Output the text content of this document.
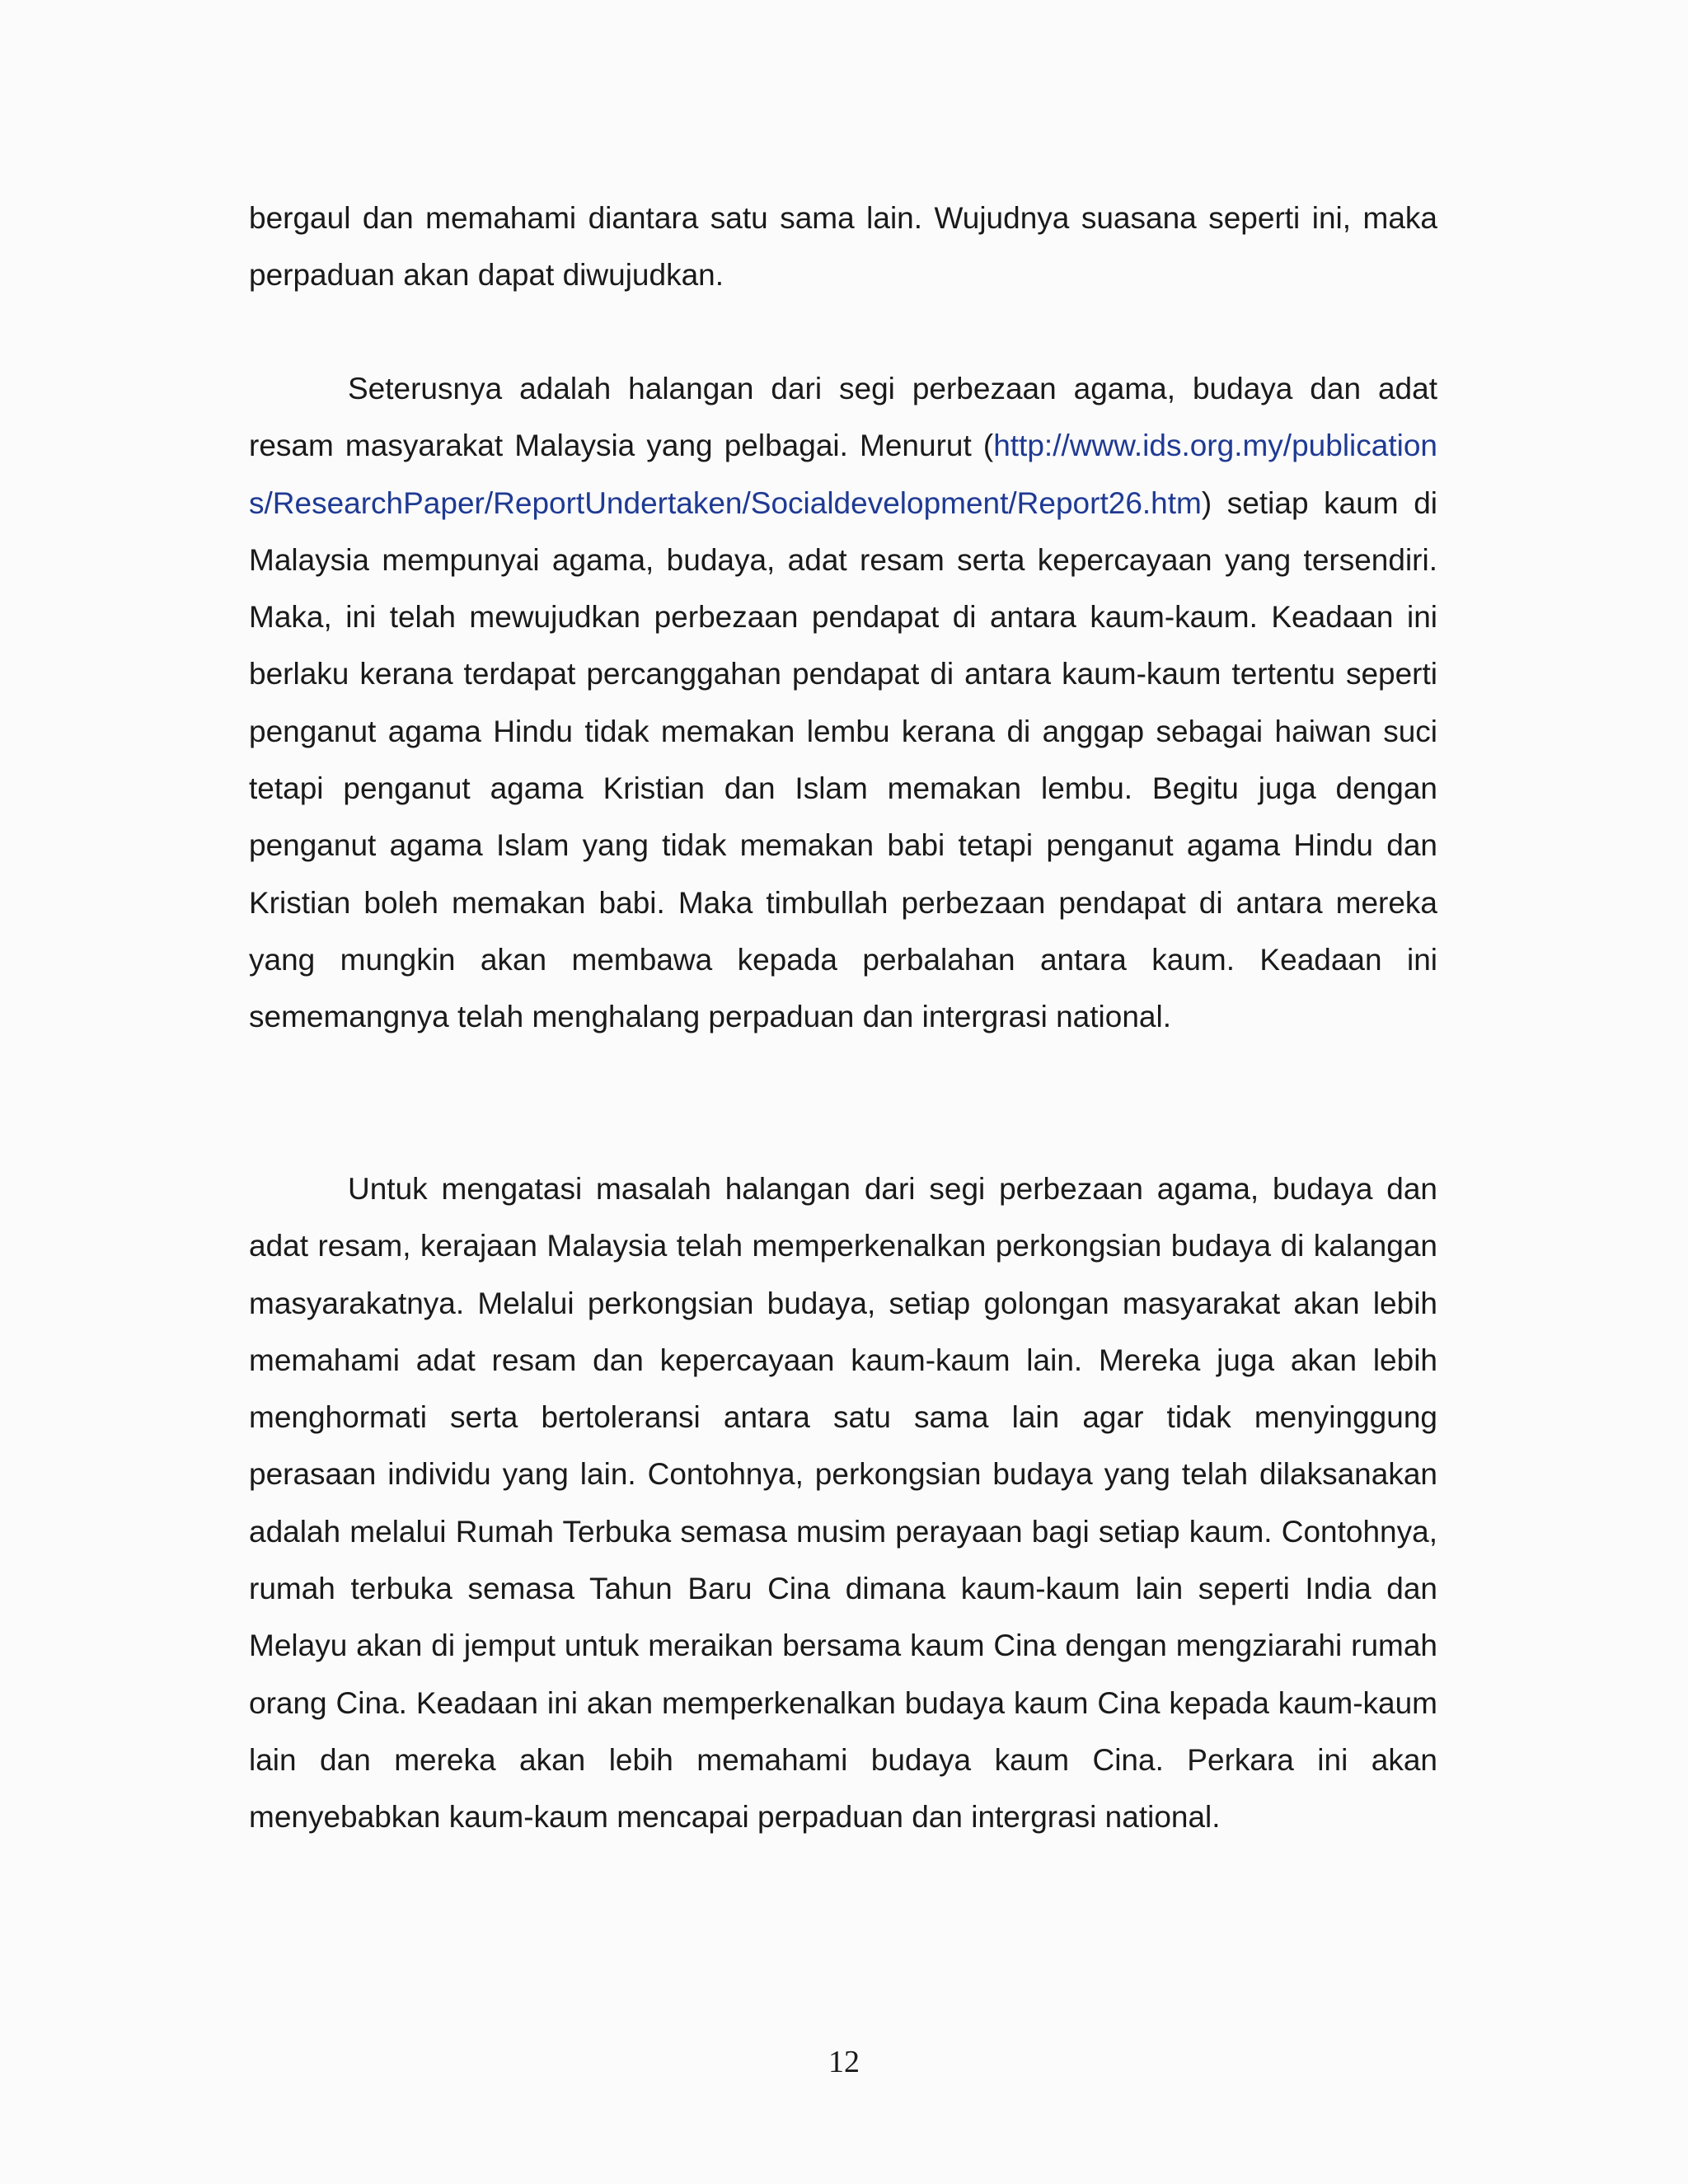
bergaul dan memahami diantara satu sama lain. Wujudnya suasana seperti ini, maka perpaduan akan dapat diwujudkan.

Seterusnya adalah halangan dari segi perbezaan agama, budaya dan adat resam masyarakat Malaysia yang pelbagai. Menurut (http://www.ids.org.my/publications/ResearchPaper/ReportUndertaken/Socialdevelopment/Report26.htm) setiap kaum di Malaysia mempunyai agama, budaya, adat resam serta kepercayaan yang tersendiri. Maka, ini telah mewujudkan perbezaan pendapat di antara kaum-kaum. Keadaan ini berlaku kerana terdapat percanggahan pendapat di antara kaum-kaum tertentu seperti penganut agama Hindu tidak memakan lembu kerana di anggap sebagai haiwan suci tetapi penganut agama Kristian dan Islam memakan lembu. Begitu juga dengan penganut agama Islam yang tidak memakan babi tetapi penganut agama Hindu dan Kristian boleh memakan babi. Maka timbullah perbezaan pendapat di antara mereka yang mungkin akan membawa kepada perbalahan antara kaum. Keadaan ini sememangnya telah menghalang perpaduan dan intergrasi national.

Untuk mengatasi masalah halangan dari segi perbezaan agama, budaya dan adat resam, kerajaan Malaysia telah memperkenalkan perkongsian budaya di kalangan masyarakatnya. Melalui perkongsian budaya, setiap golongan masyarakat akan lebih memahami adat resam dan kepercayaan kaum-kaum lain. Mereka juga akan lebih menghormati serta bertoleransi antara satu sama lain agar tidak menyinggung perasaan individu yang lain. Contohnya, perkongsian budaya yang telah dilaksanakan adalah melalui Rumah Terbuka semasa musim perayaan bagi setiap kaum. Contohnya, rumah terbuka semasa Tahun Baru Cina dimana kaum-kaum lain seperti India dan Melayu akan di jemput untuk meraikan bersama kaum Cina dengan mengziarahi rumah orang Cina. Keadaan ini akan memperkenalkan budaya kaum Cina kepada kaum-kaum lain dan mereka akan lebih memahami budaya kaum Cina. Perkara ini akan menyebabkan kaum-kaum mencapai perpaduan dan intergrasi national.

12
